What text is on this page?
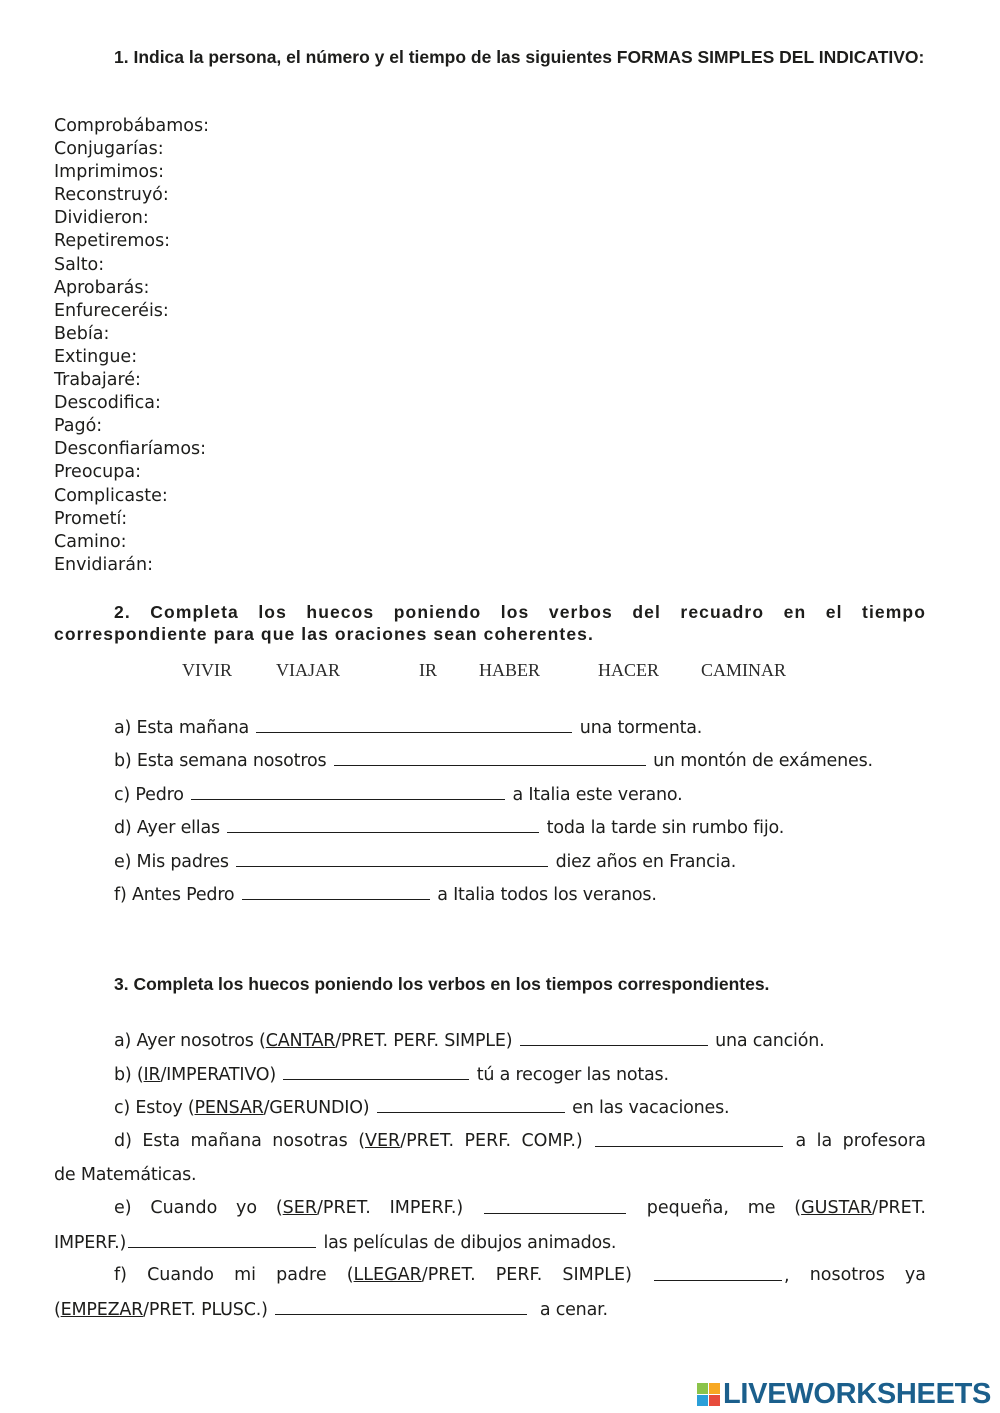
1. Indica la persona, el número y el tiempo de las siguientes FORMAS SIMPLES DEL INDICATIVO:
Comprobábamos:
Conjugarías:
Imprimimos:
Reconstruyó:
Dividieron:
Repetiremos:
Salto:
Aprobarás:
Enfureceréis:
Bebía:
Extingue:
Trabajaré:
Descodifica:
Pagó:
Desconfiaríamos:
Preocupa:
Complicaste:
Prometí:
Camino:
Envidiarán:
2. Completa los huecos poniendo los verbos del recuadro en el tiempo correspondiente para que las oraciones sean coherentes.
VIVIR VIAJAR	IR HABER	HACER CAMINAR
a) Esta mañana	una tormenta.
b) Esta semana nosotros	un montón de exámenes.
c) Pedro	a Italia este verano.
d) Ayer ellas	toda la tarde sin rumbo fijo.
e) Mis padres	diez años en Francia.
f) Antes Pedro	a Italia todos los veranos.
3. Completa los huecos poniendo los verbos en los tiempos correspondientes.
a) Ayer nosotros (CANTAR/PRET. PERF. SIMPLE)	una canción.
b) (IR/IMPERATIVO)	tú a recoger las notas.
c) Estoy (PENSAR/GERUNDIO)	en las vacaciones.
d) Esta mañana nosotras (VER/PRET. PERF. COMP.)	a la profesora
de Matemáticas.
e) Cuando yo (SER/PRET. IMPERF.)	pequeña, me (GUSTAR/PRET.
IMPERF.)	las películas de dibujos animados.
f) Cuando mi padre (LLEGAR/PRET. PERF. SIMPLE)	, nosotros ya
(EMPEZAR/PRET. PLUSC.)	a cenar.
LIVEWORKSHEETS
